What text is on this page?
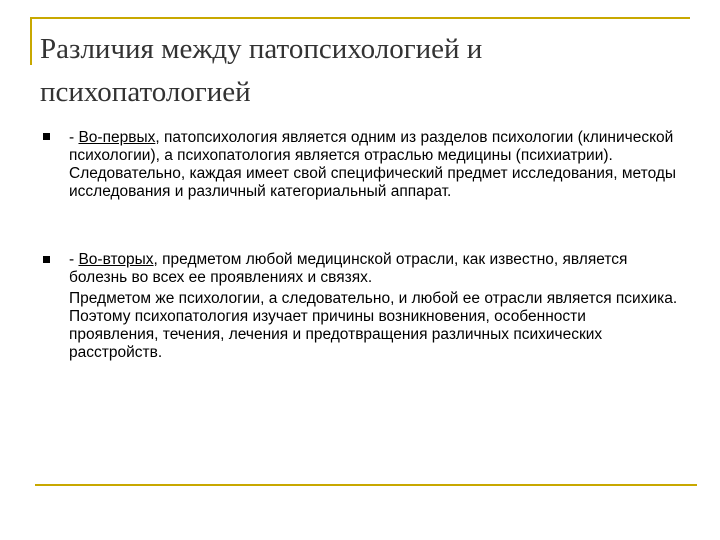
Различия между патопсихологией и
психопатологией
- Во-первых, патопсихология является одним из разделов психологии (клинической психологии), а психопатология является отраслью медицины (психиатрии). Следовательно, каждая имеет свой специфический предмет исследования, методы исследования и различный категориальный аппарат.
- Во-вторых, предметом любой медицинской отрасли, как известно, является болезнь во всех ее проявлениях и связях.
Предметом же психологии, а следовательно, и любой ее отрасли является психика. Поэтому психопатология изучает причины возникновения, особенности проявления, течения, лечения и предотвращения различных психических расстройств.
